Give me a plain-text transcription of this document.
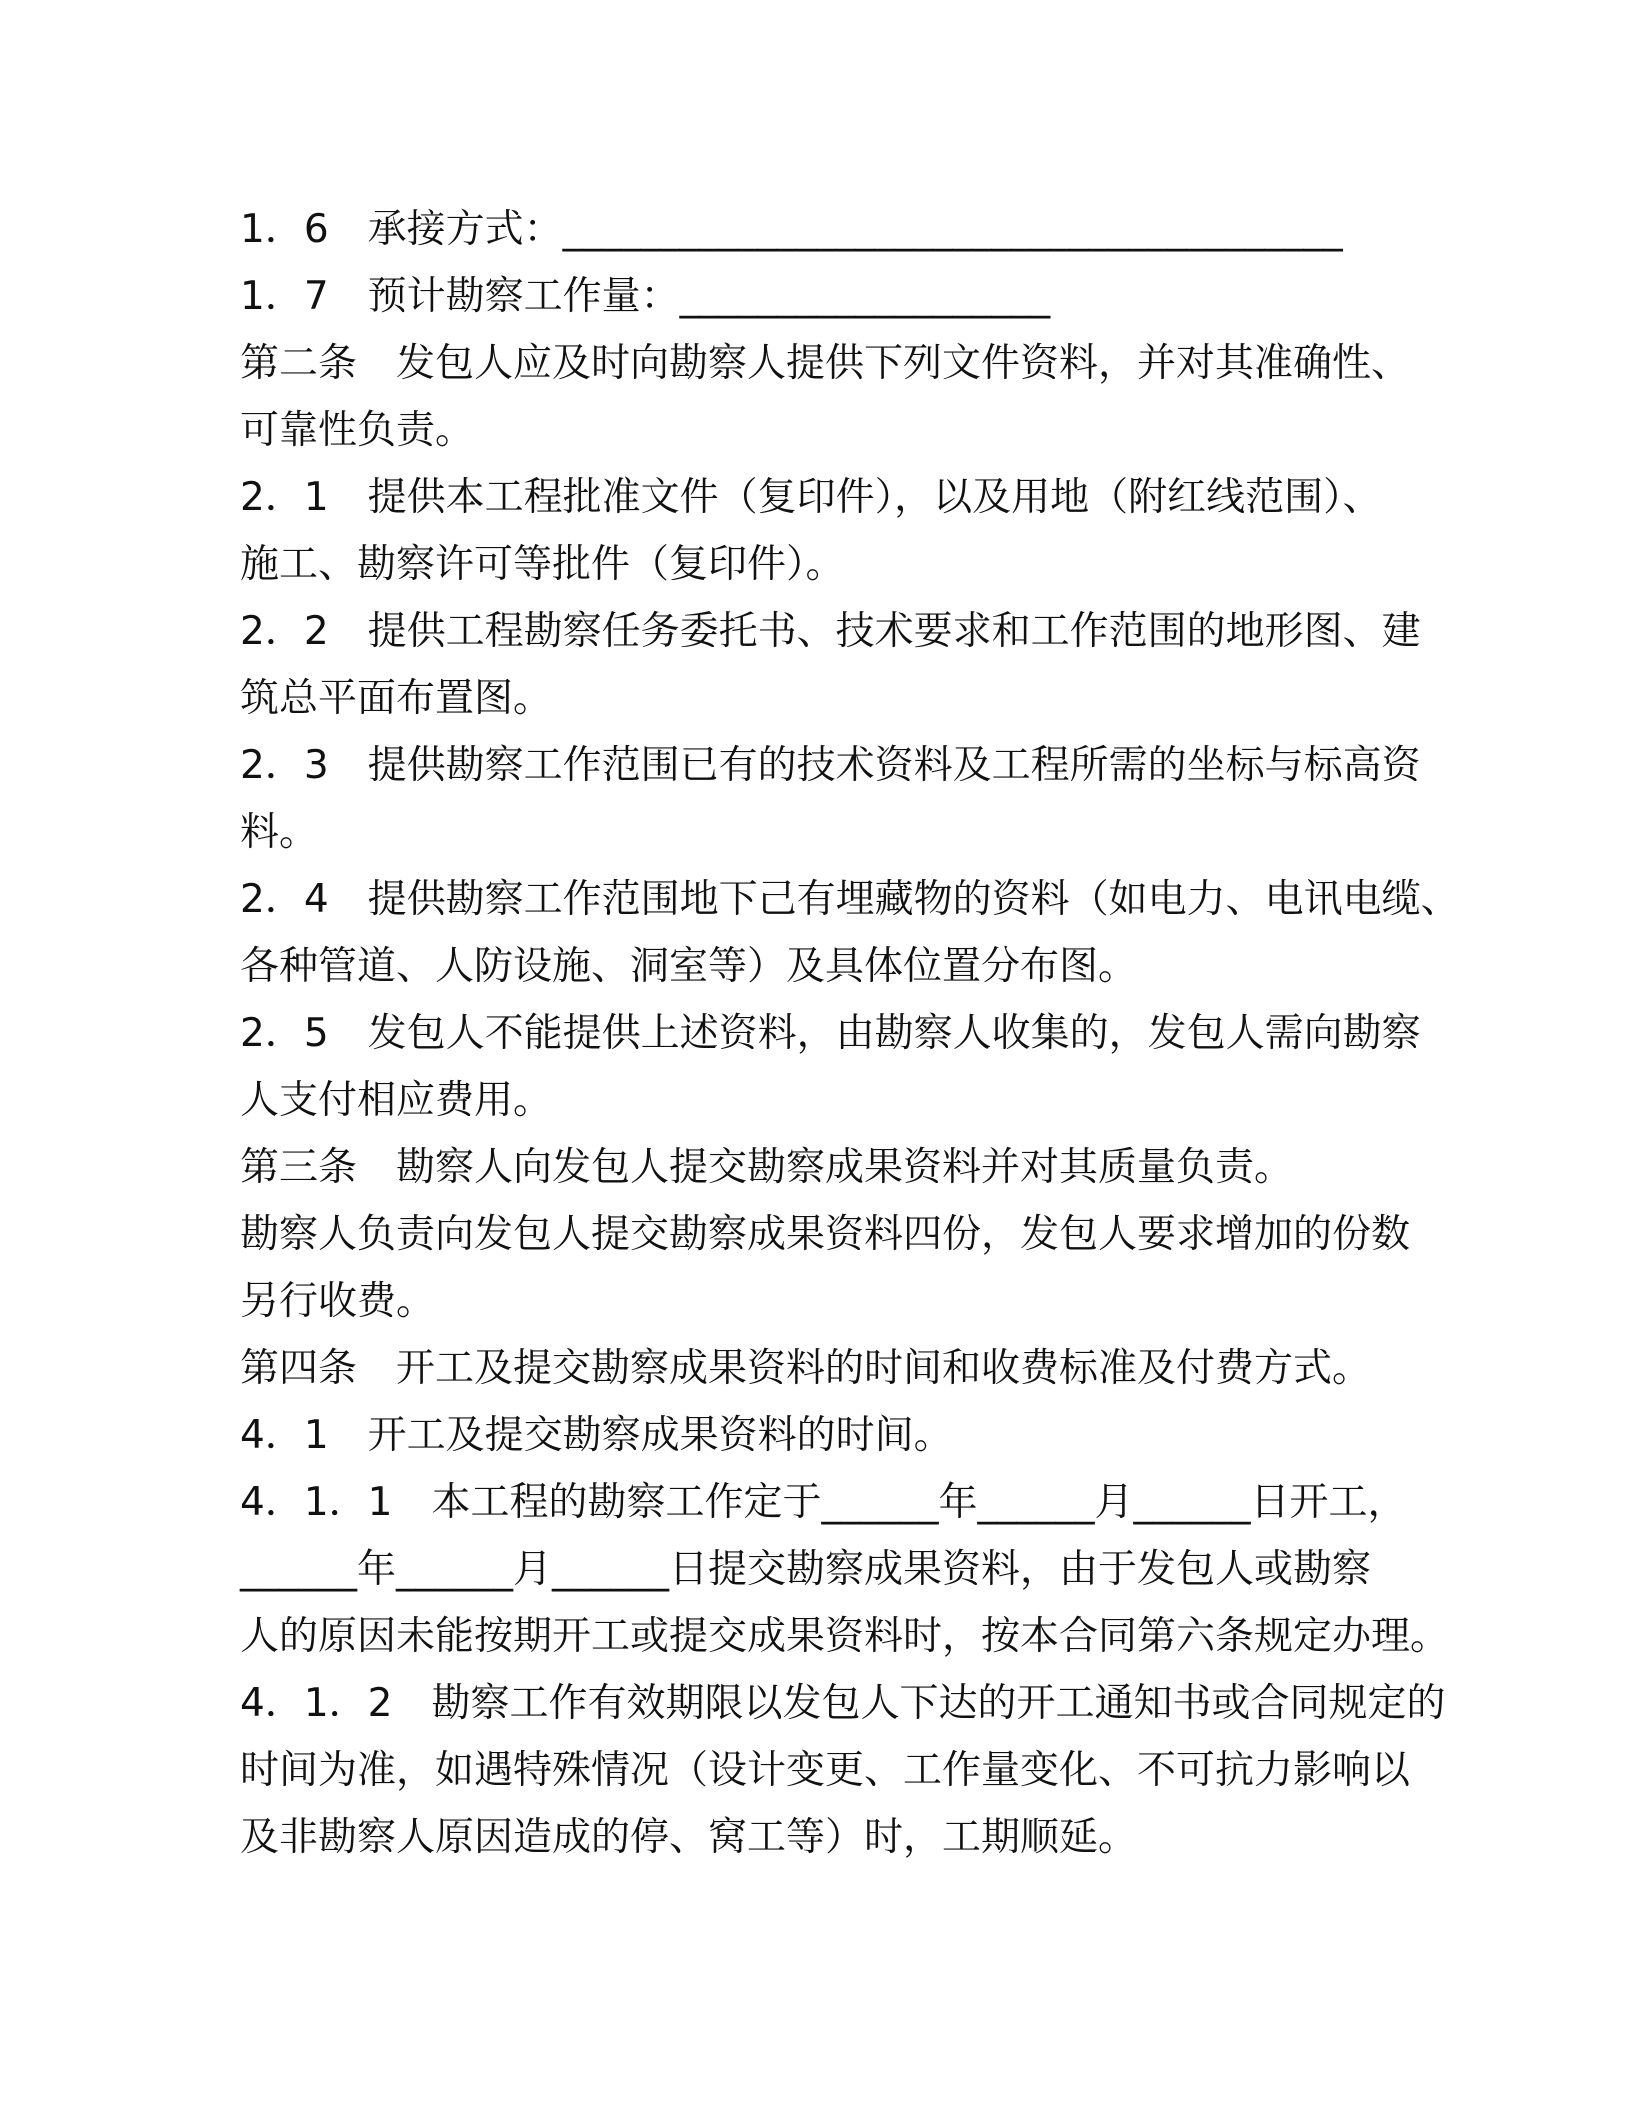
1．6　承接方式：________________________________________
1．7　预计勘察工作量：___________________
第二条　发包人应及时向勘察人提供下列文件资料，并对其准确性、
可靠性负责。
2．1　提供本工程批准文件（复印件），以及用地（附红线范围）、
施工、勘察许可等批件（复印件）。
2．2　提供工程勘察任务委托书、技术要求和工作范围的地形图、建
筑总平面布置图。
2．3　提供勘察工作范围已有的技术资料及工程所需的坐标与标高资
料。
2．4　提供勘察工作范围地下己有埋藏物的资料（如电力、电讯电缆、
各种管道、人防设施、洞室等）及具体位置分布图。
2．5　发包人不能提供上述资料，由勘察人收集的，发包人需向勘察
人支付相应费用。
第三条　勘察人向发包人提交勘察成果资料并对其质量负责。
勘察人负责向发包人提交勘察成果资料四份，发包人要求增加的份数
另行收费。
第四条　开工及提交勘察成果资料的时间和收费标准及付费方式。
4．1　开工及提交勘察成果资料的时间。
4．1．1　本工程的勘察工作定于______年______月______日开工，
______年______月______日提交勘察成果资料，由于发包人或勘察
人的原因未能按期开工或提交成果资料时，按本合同第六条规定办理。
4．1．2　勘察工作有效期限以发包人下达的开工通知书或合同规定的
时间为准，如遇特殊情况（设计变更、工作量变化、不可抗力影响以
及非勘察人原因造成的停、窝工等）时，工期顺延。
